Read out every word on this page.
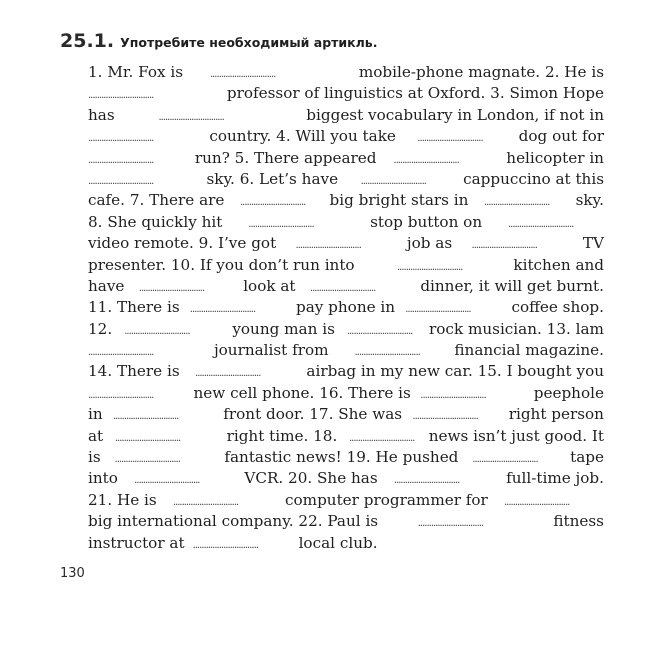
25.1. Употребите необходимый артикль.
1. Mr. Fox is	..............................	mobile-phone magnate. 2. He is
..............................	professor of linguistics at Oxford. 3. Simon Hope
has	..............................	biggest vocabulary in London, if not in
..............................	country. 4. Will you take ..............................	dog out for
..............................	run? 5. There appeared ..............................	helicopter in
..............................	sky. 6. Let’s have ..............................	cappuccino at this
cafe. 7. There are ..............................	big bright stars in ..............................	sky.
8. She quickly hit	..............................	stop button on	..............................
video remote. 9. I’ve got ..............................	job as ..............................	TV
presenter. 10. If you don’t run into	..............................	kitchen and
have ..............................	look at ..............................	dinner, it will get burnt.
11. There is ..............................	pay phone in ..............................	coffee shop.
12. ..............................	young man is ..............................	rock musician. 13. lam
..............................	journalist from	..............................	financial magazine.
14. There is ..............................	airbag in my new car. 15. I bought you
..............................	new cell phone. 16. There is ..............................	peephole
in ..............................	front door. 17. She was ..............................	right person
at ..............................	right time. 18. .............................. news isn’t just good. It
is ..............................	fantastic news! 19. He pushed ..............................	tape
into ..............................	VCR. 20. She has ..............................	full-time job.
21. He is ..............................	computer programmer for ..............................
big international company. 22. Paul is	..............................	fitness
instructor at ..............................	local club.
130
